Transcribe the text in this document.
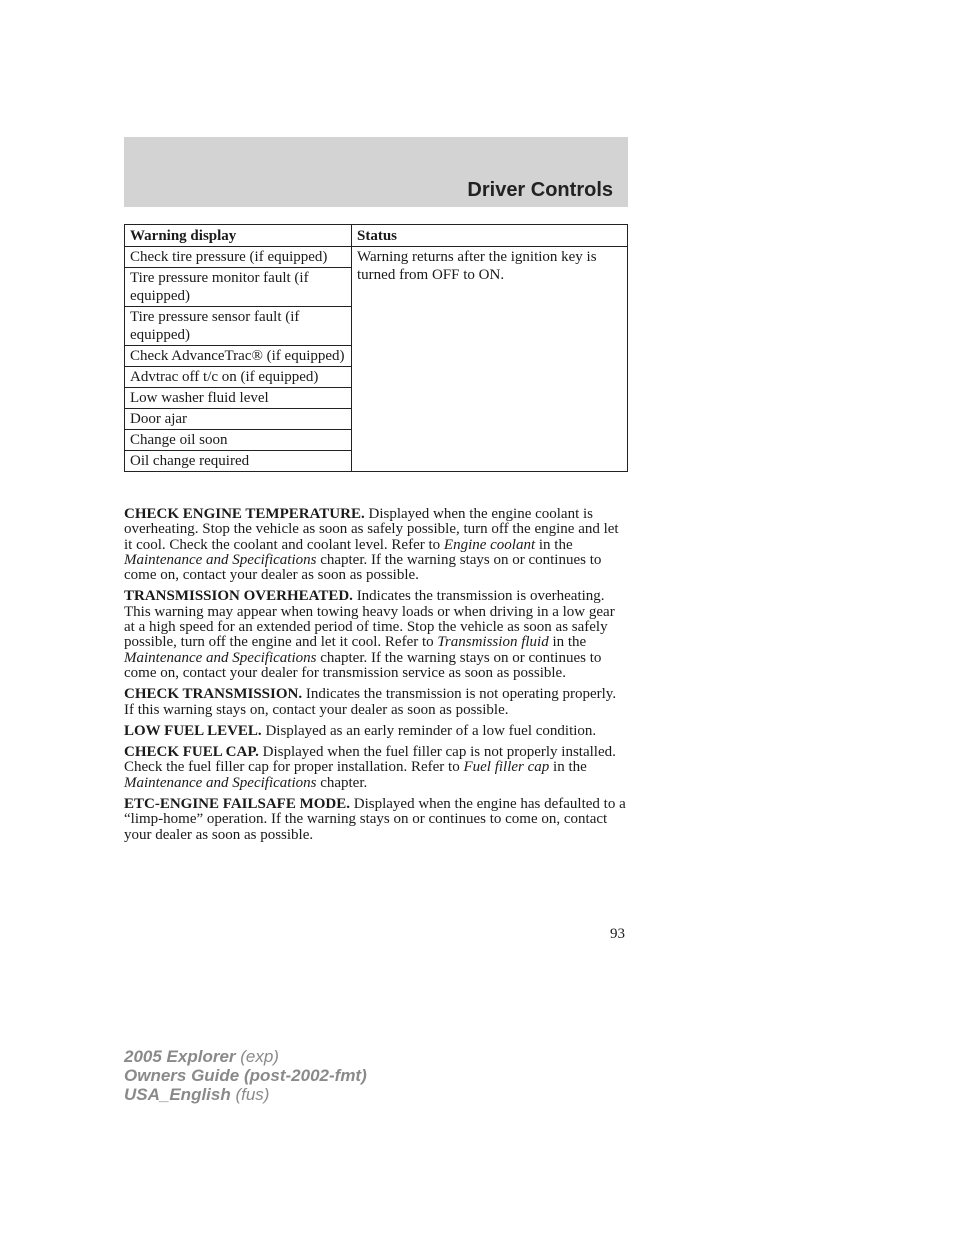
Driver Controls
Warning display	Status
Check tire pressure (if equipped)	Warning returns after the ignition key is turned from OFF to ON.
Tire pressure monitor fault (if equipped)	
Tire pressure sensor fault (if equipped)	
Check AdvanceTrac® (if equipped)	
Advtrac off t/c on (if equipped)	
Low washer fluid level	
Door ajar	
Change oil soon	
Oil change required	

CHECK ENGINE TEMPERATURE. Displayed when the engine coolant is overheating. Stop the vehicle as soon as safely possible, turn off the engine and let it cool. Check the coolant and coolant level. Refer to Engine coolant in the Maintenance and Specifications chapter. If the warning stays on or continues to come on, contact your dealer as soon as possible.

TRANSMISSION OVERHEATED. Indicates the transmission is overheating. This warning may appear when towing heavy loads or when driving in a low gear at a high speed for an extended period of time. Stop the vehicle as soon as safely possible, turn off the engine and let it cool. Refer to Transmission fluid in the Maintenance and Specifications chapter. If the warning stays on or continues to come on, contact your dealer for transmission service as soon as possible.

CHECK TRANSMISSION. Indicates the transmission is not operating properly. If this warning stays on, contact your dealer as soon as possible.

LOW FUEL LEVEL. Displayed as an early reminder of a low fuel condition.

CHECK FUEL CAP. Displayed when the fuel filler cap is not properly installed. Check the fuel filler cap for proper installation. Refer to Fuel filler cap in the Maintenance and Specifications chapter.

ETC-ENGINE FAILSAFE MODE. Displayed when the engine has defaulted to a “limp-home” operation. If the warning stays on or continues to come on, contact your dealer as soon as possible.

93
2005 Explorer (exp)
Owners Guide (post-2002-fmt)
USA_English (fus)
